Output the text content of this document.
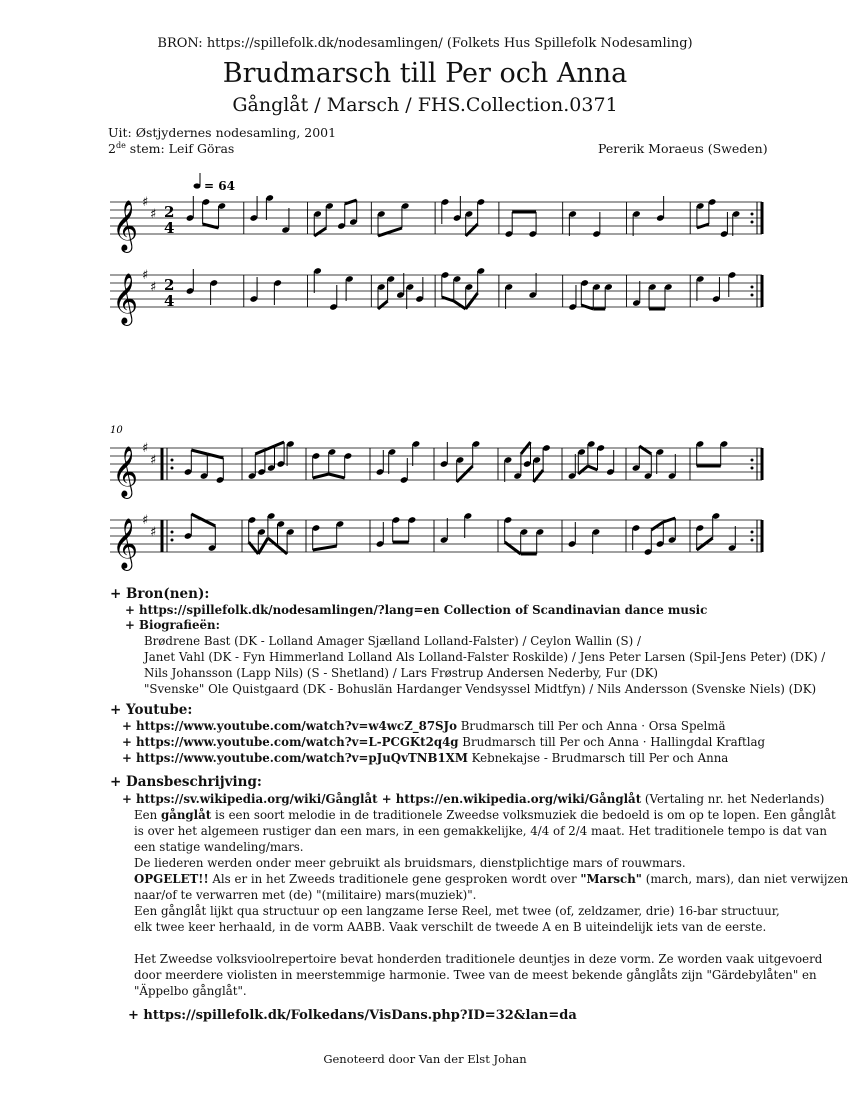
BRON: https://spillefolk.dk/nodesamlingen/ (Folkets Hus Spillefolk Nodesamling)
Brudmarsch till Per och Anna
Gånglåt / Marsch / FHS.Collection.0371
Uit: Østjydernes nodesamling, 2001
2de stem: Leif Göras	Pererik Moraeus (Sweden)
= 64
𝄞 ♯
♯ 2
4
𝄞 ♯
♯ 2
4
10
𝄞 ♯
♯
𝄞 ♯
♯
+ Bron(nen):
+ https://spillefolk.dk/nodesamlingen/?lang=en Collection of Scandinavian dance music
+ Biografieën:
Brødrene Bast (DK - Lolland Amager Sjælland Lolland-Falster) / Ceylon Wallin (S) /
Janet Vahl (DK - Fyn Himmerland Lolland Als Lolland-Falster Roskilde) / Jens Peter Larsen (Spil-Jens Peter) (DK) /
Nils Johansson (Lapp Nils) (S - Shetland) / Lars Frøstrup Andersen Nederby, Fur (DK)
"Svenske" Ole Quistgaard (DK - Bohuslän Hardanger Vendsyssel Midtfyn) / Nils Andersson (Svenske Niels) (DK)
+ Youtube:
+ https://www.youtube.com/watch?v=w4wcZ_87SJo Brudmarsch till Per och Anna · Orsa Spelmä
+ https://www.youtube.com/watch?v=L-PCGKt2q4g Brudmarsch till Per och Anna · Hallingdal Kraftlag
+ https://www.youtube.com/watch?v=pJuQvTNB1XM Kebnekajse - Brudmarsch till Per och Anna
+ Dansbeschrijving:
+ https://sv.wikipedia.org/wiki/Gånglåt + https://en.wikipedia.org/wiki/Gånglåt (Vertaling nr. het Nederlands)
Een gånglåt is een soort melodie in de traditionele Zweedse volksmuziek die bedoeld is om op te lopen. Een gånglåt
is over het algemeen rustiger dan een mars, in een gemakkelijke, 4/4 of 2/4 maat. Het traditionele tempo is dat van
een statige wandeling/mars.
De liederen werden onder meer gebruikt als bruidsmars, dienstplichtige mars of rouwmars.
OPGELET!! Als er in het Zweeds traditionele gene gesproken wordt over "Marsch" (march, mars), dan niet verwijzen
naar/of te verwarren met (de) "(militaire) mars(muziek)".
Een gånglåt lijkt qua structuur op een langzame Ierse Reel, met twee (of, zeldzamer, drie) 16-bar structuur,
elk twee keer herhaald, in de vorm AABB. Vaak verschilt de tweede A en B uiteindelijk iets van de eerste.
Het Zweedse volksvioolrepertoire bevat honderden traditionele deuntjes in deze vorm. Ze worden vaak uitgevoerd
door meerdere violisten in meerstemmige harmonie. Twee van de meest bekende gånglåts zijn "Gärdebylåten" en
"Äppelbo gånglåt".
+ https://spillefolk.dk/Folkedans/VisDans.php?ID=32&lan=da
Genoteerd door Van der Elst Johan
